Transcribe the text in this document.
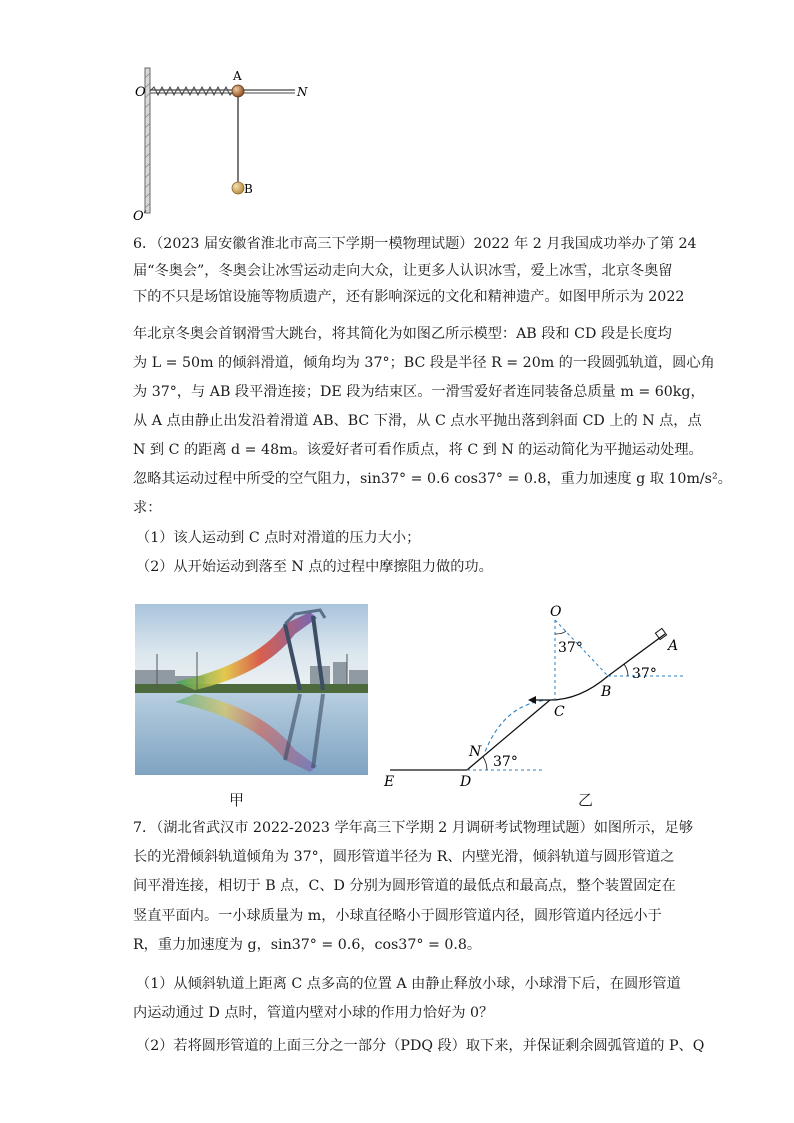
O
A
N
B
O′
6．（2023 届安徽省淮北市高三下学期一模物理试题）2022 年 2 月我国成功举办了第 24
届“冬奥会”，冬奥会让冰雪运动走向大众，让更多人认识冰雪，爱上冰雪，北京冬奥留
下的不只是场馆设施等物质遗产，还有影响深远的文化和精神遗产。如图甲所示为 2022
年北京冬奥会首钢滑雪大跳台，将其简化为如图乙所示模型：AB 段和 CD 段是长度均
为 L = 50m 的倾斜滑道，倾角均为 37°；BC 段是半径 R = 20m 的一段圆弧轨道，圆心角
为 37°，与 AB 段平滑连接；DE 段为结束区。一滑雪爱好者连同装备总质量 m = 60kg，
从 A 点由静止出发沿着滑道 AB、BC 下滑，从 C 点水平抛出落到斜面 CD 上的 N 点，点
N 到 C 的距离 d = 48m。该爱好者可看作质点，将 C 到 N 的运动简化为平抛运动处理。
忽略其运动过程中所受的空气阻力，sin37° = 0.6 cos37° = 0.8，重力加速度 g 取 10m/s²。
求：
（1）该人运动到 C 点时对滑道的压力大小；
（2）从开始运动到落至 N 点的过程中摩擦阻力做的功。
甲
O
37°	A
37°
B
C
N
37°
D
E
乙
7．（湖北省武汉市 2022-2023 学年高三下学期 2 月调研考试物理试题）如图所示，足够
长的光滑倾斜轨道倾角为 37°，圆形管道半径为 R、内壁光滑，倾斜轨道与圆形管道之
间平滑连接，相切于 B 点，C、D 分别为圆形管道的最低点和最高点，整个装置固定在
竖直平面内。一小球质量为 m，小球直径略小于圆形管道内径，圆形管道内径远小于
R，重力加速度为 g，sin37° = 0.6，cos37° = 0.8。
（1）从倾斜轨道上距离 C 点多高的位置 A 由静止释放小球，小球滑下后，在圆形管道
内运动通过 D 点时，管道内壁对小球的作用力恰好为 0？
（2）若将圆形管道的上面三分之一部分（PDQ 段）取下来，并保证剩余圆弧管道的 P、Q
